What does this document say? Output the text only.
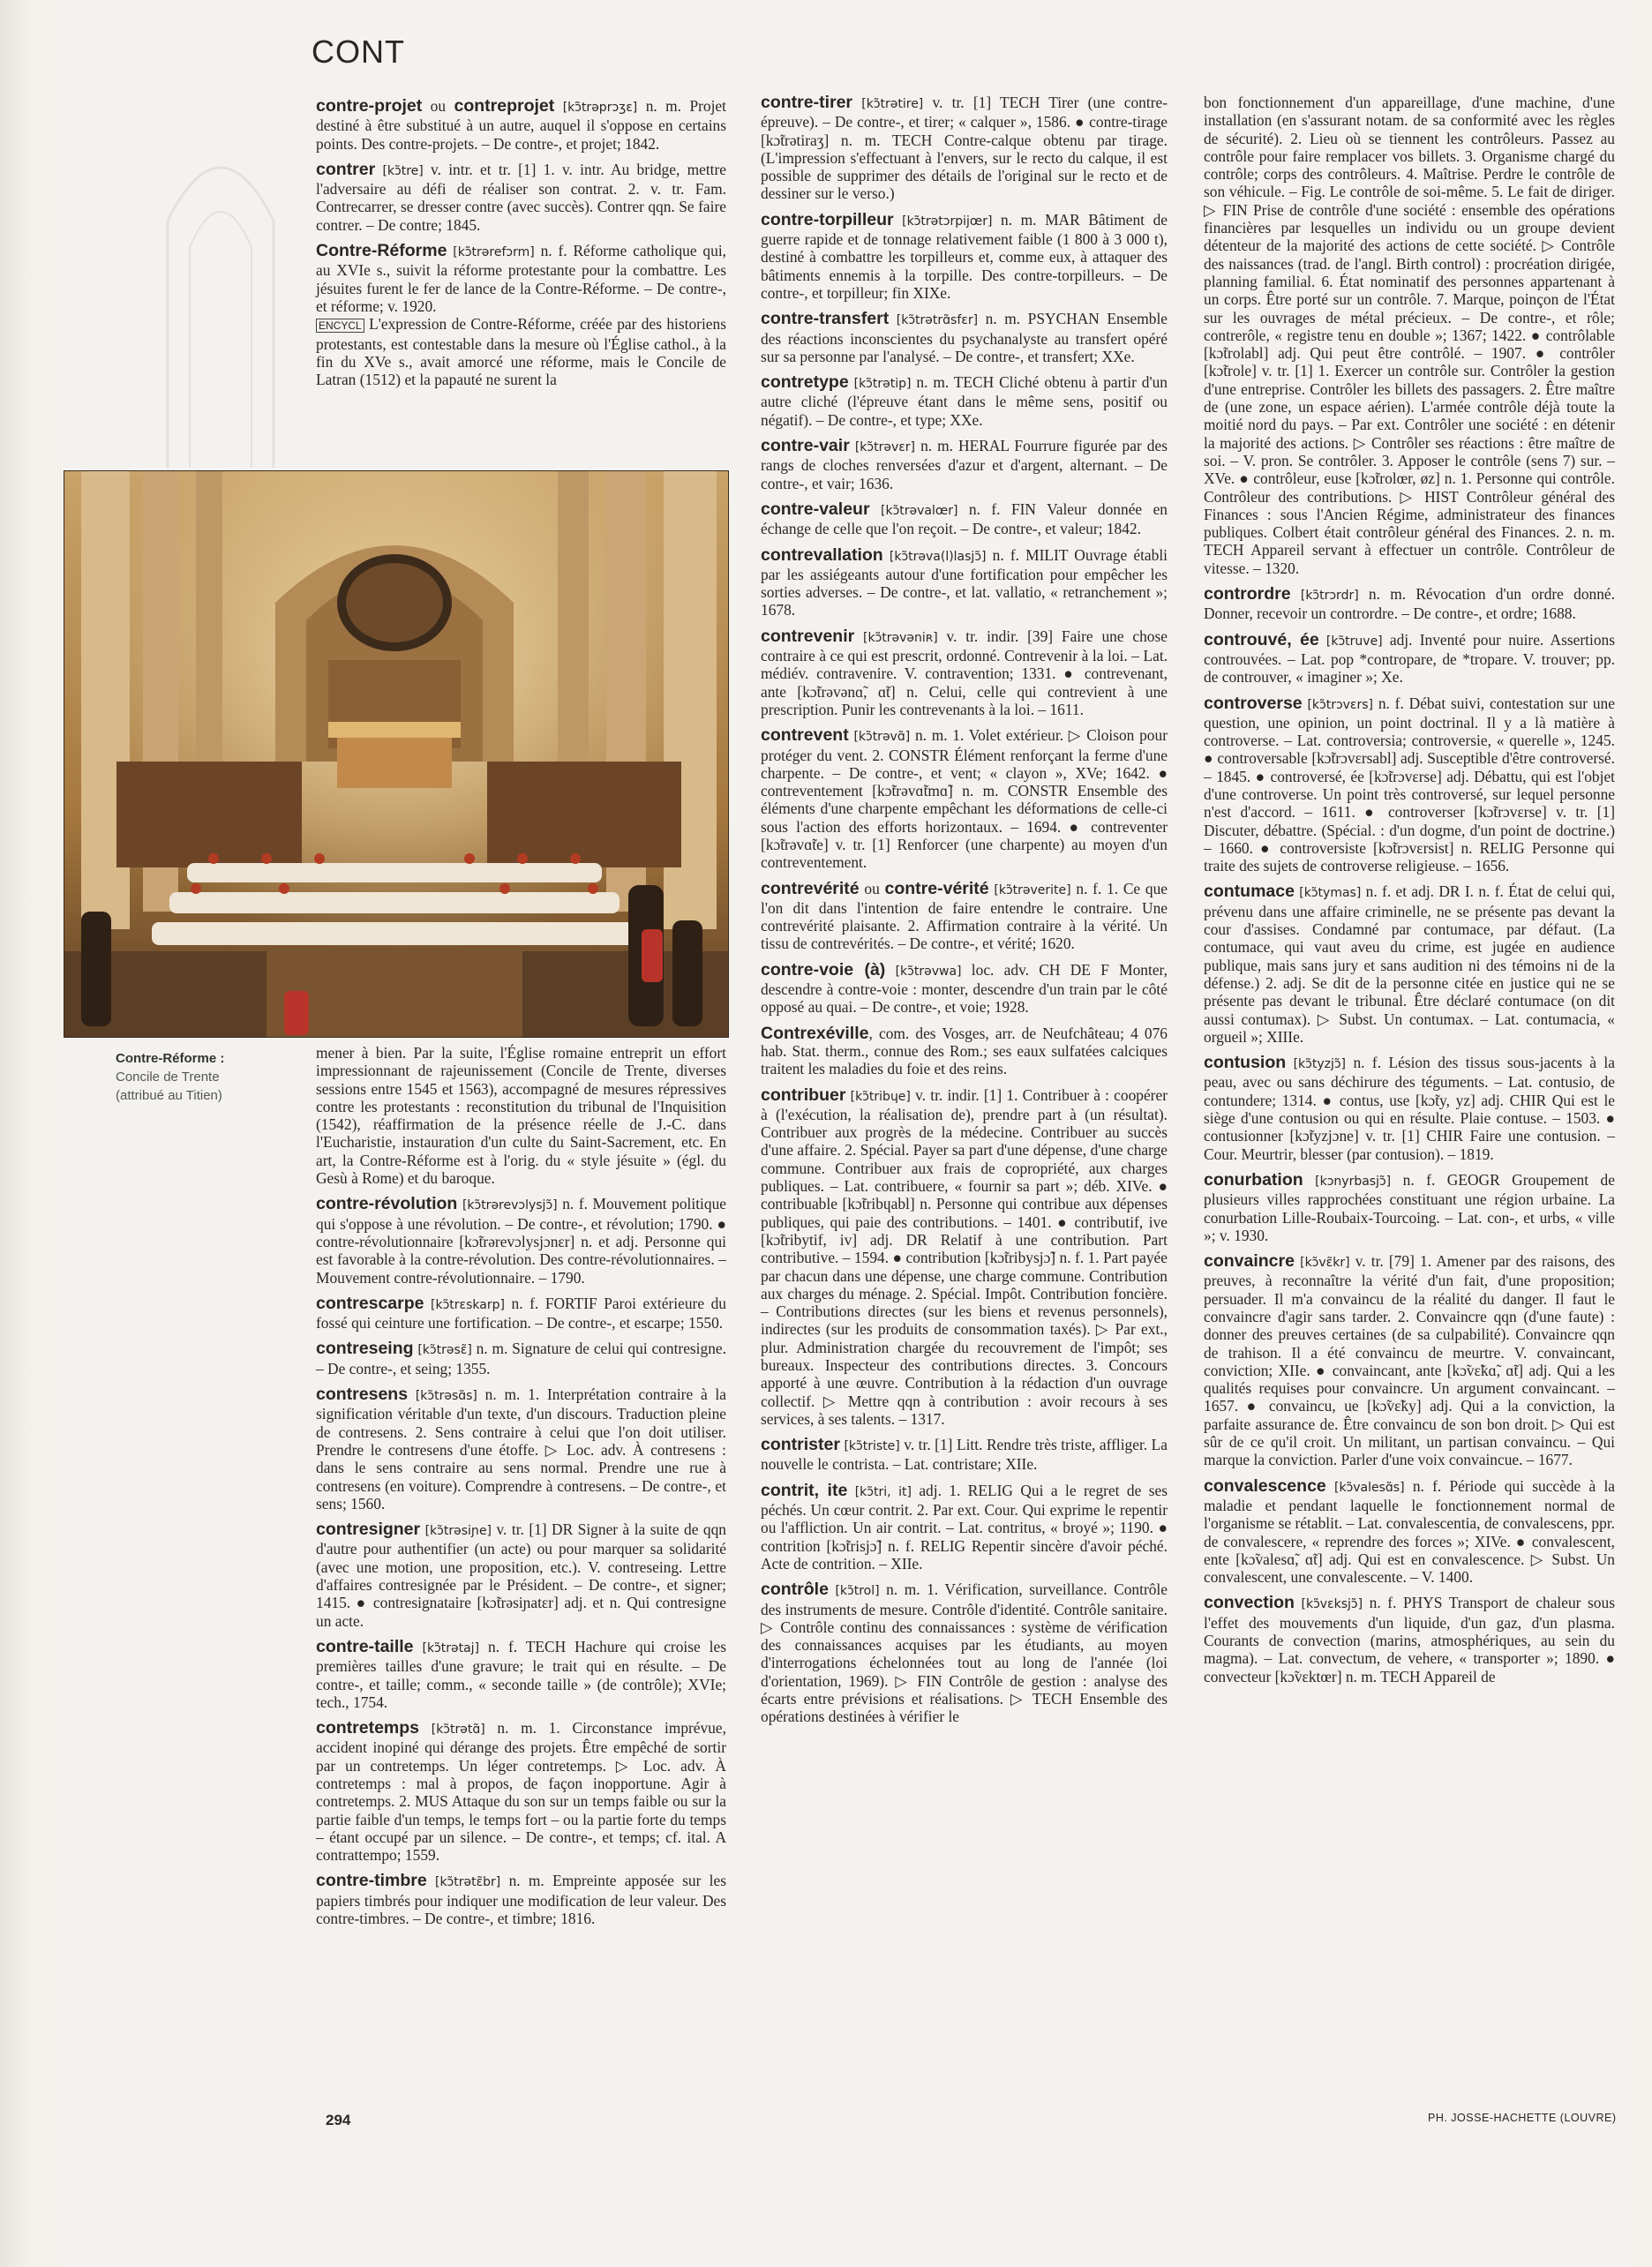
CONT

contre-projet ou contreprojet [kɔ̃trəprɔʒɛ] n. m. Projet destiné à être substitué à un autre, auquel il s'oppose en certains points. Des contre-projets. – De contre-, et projet; 1842.

contrer [kɔ̃tre] v. intr. et tr. [1] 1. v. intr. Au bridge, mettre l'adversaire au défi de réaliser son contrat. 2. v. tr. Fam. Contrecarrer, se dresser contre (avec succès). Contrer qqn. Se faire contrer. – De contre; 1845.

Contre-Réforme [kɔ̃trərefɔrm] n. f. Réforme catholique qui, au XVIe s., suivit la réforme protestante pour la combattre. Les jésuites furent le fer de lance de la Contre-Réforme. – De contre-, et réforme; v. 1920.
ENCYCL L'expression de Contre-Réforme, créée par des historiens protestants, est contestable dans la mesure où l'Église cathol., à la fin du XVe s., avait amorcé une réforme, mais le Concile de Latran (1512) et la papauté ne surent la

Contre-Réforme :
Concile de Trente
(attribué au Titien)

mener à bien. Par la suite, l'Église romaine entreprit un effort impressionnant de rajeunissement (Concile de Trente, diverses sessions entre 1545 et 1563), accompagné de mesures répressives contre les protestants : reconstitution du tribunal de l'Inquisition (1542), réaffirmation de la présence réelle de J.-C. dans l'Eucharistie, instauration d'un culte du Saint-Sacrement, etc. En art, la Contre-Réforme est à l'orig. du « style jésuite » (égl. du Gesù à Rome) et du baroque.

contre-révolution [kɔ̃trərevɔlysjɔ̃] n. f. Mouvement politique qui s'oppose à une révolution. – De contre-, et révolution; 1790. ● contre-révolutionnaire [kɔ̃trərevɔlysjɔnɛr] n. et adj. Personne qui est favorable à la contre-révolution. Des contre-révolutionnaires. – Mouvement contre-révolutionnaire. – 1790.

contrescarpe [kɔ̃trɛskarp] n. f. FORTIF Paroi extérieure du fossé qui ceinture une fortification. – De contre-, et escarpe; 1550.

contreseing [kɔ̃trəsɛ̃] n. m. Signature de celui qui contresigne. – De contre-, et seing; 1355.

contresens [kɔ̃trəsɑ̃s] n. m. 1. Interprétation contraire à la signification véritable d'un texte, d'un discours. Traduction pleine de contresens. 2. Sens contraire à celui que l'on doit utiliser. Prendre le contresens d'une étoffe. ▷ Loc. adv. À contresens : dans le sens contraire au sens normal. Prendre une rue à contresens (en voiture). Comprendre à contresens. – De contre-, et sens; 1560.

contresigner [kɔ̃trəsiɲe] v. tr. [1] DR Signer à la suite de qqn d'autre pour authentifier (un acte) ou pour marquer sa solidarité (avec une motion, une proposition, etc.). V. contreseing. Lettre d'affaires contresignée par le Président. – De contre-, et signer; 1415. ● contresignataire [kɔ̃trəsiɲatɛr] adj. et n. Qui contresigne un acte.

contre-taille [kɔ̃trətaj] n. f. TECH Hachure qui croise les premières tailles d'une gravure; le trait qui en résulte. – De contre-, et taille; comm., « seconde taille » (de contrôle); XVIe; tech., 1754.

contretemps [kɔ̃trətɑ̃] n. m. 1. Circonstance imprévue, accident inopiné qui dérange des projets. Être empêché de sortir par un contretemps. Un léger contretemps. ▷ Loc. adv. À contretemps : mal à propos, de façon inopportune. Agir à contretemps. 2. MUS Attaque du son sur un temps faible ou sur la partie faible d'un temps, le temps fort – ou la partie forte du temps – étant occupé par un silence. – De contre-, et temps; cf. ital. A contrattempo; 1559.

contre-timbre [kɔ̃trətɛ̃br] n. m. Empreinte apposée sur les papiers timbrés pour indiquer une modification de leur valeur. Des contre-timbres. – De contre-, et timbre; 1816.

contre-tirer [kɔ̃trətire] v. tr. [1] TECH Tirer (une contre-épreuve). – De contre-, et tirer; « calquer », 1586. ● contre-tirage [kɔ̃trətiraʒ] n. m. TECH Contre-calque obtenu par tirage. (L'impression s'effectuant à l'envers, sur le recto du calque, il est possible de supprimer des détails de l'original sur le recto et de dessiner sur le verso.)

contre-torpilleur [kɔ̃trətɔrpijœr] n. m. MAR Bâtiment de guerre rapide et de tonnage relativement faible (1 800 à 3 000 t), destiné à combattre les torpilleurs et, comme eux, à attaquer des bâtiments ennemis à la torpille. Des contre-torpilleurs. – De contre-, et torpilleur; fin XIXe.

contre-transfert [kɔ̃trətrɑ̃sfɛr] n. m. PSYCHAN Ensemble des réactions inconscientes du psychanalyste au transfert opéré sur sa personne par l'analysé. – De contre-, et transfert; XXe.

contretype [kɔ̃trətip] n. m. TECH Cliché obtenu à partir d'un autre cliché (l'épreuve étant dans le même sens, positif ou négatif). – De contre-, et type; XXe.

contre-vair [kɔ̃trəvɛr] n. m. HERAL Fourrure figurée par des rangs de cloches renversées d'azur et d'argent, alternant. – De contre-, et vair; 1636.

contre-valeur [kɔ̃trəvalœr] n. f. FIN Valeur donnée en échange de celle que l'on reçoit. – De contre-, et valeur; 1842.

contrevallation [kɔ̃trəva(l)lasjɔ̃] n. f. MILIT Ouvrage établi par les assiégeants autour d'une fortification pour empêcher les sorties adverses. – De contre-, et lat. vallatio, « retranchement »; 1678.

contrevenir [kɔ̃trəvəniʀ] v. tr. indir. [39] Faire une chose contraire à ce qui est prescrit, ordonné. Contrevenir à la loi. – Lat. médiév. contravenire. V. contravention; 1331. ● contrevenant, ante [kɔ̃trəvənɑ̃, ɑ̃t] n. Celui, celle qui contrevient à une prescription. Punir les contrevenants à la loi. – 1611.

contrevent [kɔ̃trəvɑ̃] n. m. 1. Volet extérieur. ▷ Cloison pour protéger du vent. 2. CONSTR Élément renforçant la ferme d'une charpente. – De contre-, et vent; « clayon », XVe; 1642. ● contreventement [kɔ̃trəvɑ̃tmɑ̃] n. m. CONSTR Ensemble des éléments d'une charpente empêchant les déformations de celle-ci sous l'action des efforts horizontaux. – 1694. ● contreventer [kɔ̃trəvɑ̃te] v. tr. [1] Renforcer (une charpente) au moyen d'un contreventement.

contrevérité ou contre-vérité [kɔ̃trəverite] n. f. 1. Ce que l'on dit dans l'intention de faire entendre le contraire. Une contrevérité plaisante. 2. Affirmation contraire à la vérité. Un tissu de contrevérités. – De contre-, et vérité; 1620.

contre-voie (à) [kɔ̃trəvwa] loc. adv. CH DE F Monter, descendre à contre-voie : monter, descendre d'un train par le côté opposé au quai. – De contre-, et voie; 1928.

Contrexéville, com. des Vosges, arr. de Neufchâteau; 4 076 hab. Stat. therm., connue des Rom.; ses eaux sulfatées calciques traitent les maladies du foie et des reins.

contribuer [kɔ̃tribɥe] v. tr. indir. [1] 1. Contribuer à : coopérer à (l'exécution, la réalisation de), prendre part à (un résultat). Contribuer aux progrès de la médecine. Contribuer au succès d'une affaire. 2. Spécial. Payer sa part d'une dépense, d'une charge commune. Contribuer aux frais de copropriété, aux charges publiques. – Lat. contribuere, « fournir sa part »; déb. XIVe. ● contribuable [kɔ̃tribɥabl] n. Personne qui contribue aux dépenses publiques, qui paie des contributions. – 1401. ● contributif, ive [kɔ̃tribytif, iv] adj. DR Relatif à une contribution. Part contributive. – 1594. ● contribution [kɔ̃tribysjɔ̃] n. f. 1. Part payée par chacun dans une dépense, une charge commune. Contribution aux charges du ménage. 2. Spécial. Impôt. Contribution foncière. – Contributions directes (sur les biens et revenus personnels), indirectes (sur les produits de consommation taxés). ▷ Par ext., plur. Administration chargée du recouvrement de l'impôt; ses bureaux. Inspecteur des contributions directes. 3. Concours apporté à une œuvre. Contribution à la rédaction d'un ouvrage collectif. ▷ Mettre qqn à contribution : avoir recours à ses services, à ses talents. – 1317.

contrister [kɔ̃triste] v. tr. [1] Litt. Rendre très triste, affliger. La nouvelle le contrista. – Lat. contristare; XIIe.

contrit, ite [kɔ̃tri, it] adj. 1. RELIG Qui a le regret de ses péchés. Un cœur contrit. 2. Par ext. Cour. Qui exprime le repentir ou l'affliction. Un air contrit. – Lat. contritus, « broyé »; 1190. ● contrition [kɔ̃trisjɔ̃] n. f. RELIG Repentir sincère d'avoir péché. Acte de contrition. – XIIe.

contrôle [kɔ̃trol] n. m. 1. Vérification, surveillance. Contrôle des instruments de mesure. Contrôle d'identité. Contrôle sanitaire. ▷ Contrôle continu des connaissances : système de vérification des connaissances acquises par les étudiants, au moyen d'interrogations échelonnées tout au long de l'année (loi d'orientation, 1969). ▷ FIN Contrôle de gestion : analyse des écarts entre prévisions et réalisations. ▷ TECH Ensemble des opérations destinées à vérifier le

bon fonctionnement d'un appareillage, d'une machine, d'une installation (en s'assurant notam. de sa conformité avec les règles de sécurité). 2. Lieu où se tiennent les contrôleurs. Passez au contrôle pour faire remplacer vos billets. 3. Organisme chargé du contrôle; corps des contrôleurs. 4. Maîtrise. Perdre le contrôle de son véhicule. – Fig. Le contrôle de soi-même. 5. Le fait de diriger. ▷ FIN Prise de contrôle d'une société : ensemble des opérations financières par lesquelles un individu ou un groupe devient détenteur de la majorité des actions de cette société. ▷ Contrôle des naissances (trad. de l'angl. Birth control) : procréation dirigée, planning familial. 6. État nominatif des personnes appartenant à un corps. Être porté sur un contrôle. 7. Marque, poinçon de l'État sur les ouvrages de métal précieux. – De contre-, et rôle; contrerôle, « registre tenu en double »; 1367; 1422. ● contrôlable [kɔ̃trolabl] adj. Qui peut être contrôlé. – 1907. ● contrôler [kɔ̃trole] v. tr. [1] 1. Exercer un contrôle sur. Contrôler la gestion d'une entreprise. Contrôler les billets des passagers. 2. Être maître de (une zone, un espace aérien). L'armée contrôle déjà toute la moitié nord du pays. – Par ext. Contrôler une société : en détenir la majorité des actions. ▷ Contrôler ses réactions : être maître de soi. – V. pron. Se contrôler. 3. Apposer le contrôle (sens 7) sur. – XVe. ● contrôleur, euse [kɔ̃trolœr, øz] n. 1. Personne qui contrôle. Contrôleur des contributions. ▷ HIST Contrôleur général des Finances : sous l'Ancien Régime, administrateur des finances publiques. Colbert était contrôleur général des Finances. 2. n. m. TECH Appareil servant à effectuer un contrôle. Contrôleur de vitesse. – 1320.

contrordre [kɔ̃trɔrdr] n. m. Révocation d'un ordre donné. Donner, recevoir un contrordre. – De contre-, et ordre; 1688.

controuvé, ée [kɔ̃truve] adj. Inventé pour nuire. Assertions controuvées. – Lat. pop *contropare, de *tropare. V. trouver; pp. de controuver, « imaginer »; Xe.

controverse [kɔ̃trɔvɛrs] n. f. Débat suivi, contestation sur une question, une opinion, un point doctrinal. Il y a là matière à controverse. – Lat. controversia; controversie, « querelle », 1245. ● controversable [kɔ̃trɔvɛrsabl] adj. Susceptible d'être controversé. – 1845. ● controversé, ée [kɔ̃trɔvɛrse] adj. Débattu, qui est l'objet d'une controverse. Un point très controversé, sur lequel personne n'est d'accord. – 1611. ● controverser [kɔ̃trɔvɛrse] v. tr. [1] Discuter, débattre. (Spécial. : d'un dogme, d'un point de doctrine.) – 1660. ● controversiste [kɔ̃trɔvɛrsist] n. RELIG Personne qui traite des sujets de controverse religieuse. – 1656.

contumace [kɔ̃tymas] n. f. et adj. DR I. n. f. État de celui qui, prévenu dans une affaire criminelle, ne se présente pas devant la cour d'assises. Condamné par contumace, par défaut. (La contumace, qui vaut aveu du crime, est jugée en audience publique, mais sans jury et sans audition ni des témoins ni de la défense.) 2. adj. Se dit de la personne citée en justice qui ne se présente pas devant le tribunal. Être déclaré contumace (on dit aussi contumax). ▷ Subst. Un contumax. – Lat. contumacia, « orgueil »; XIIIe.

contusion [kɔ̃tyzjɔ̃] n. f. Lésion des tissus sous-jacents à la peau, avec ou sans déchirure des téguments. – Lat. contusio, de contundere; 1314. ● contus, use [kɔ̃ty, yz] adj. CHIR Qui est le siège d'une contusion ou qui en résulte. Plaie contuse. – 1503. ● contusionner [kɔ̃tyzjɔne] v. tr. [1] CHIR Faire une contusion. – Cour. Meurtrir, blesser (par contusion). – 1819.

conurbation [kɔnyrbasjɔ̃] n. f. GEOGR Groupement de plusieurs villes rapprochées constituant une région urbaine. La conurbation Lille-Roubaix-Tourcoing. – Lat. con-, et urbs, « ville »; v. 1930.

convaincre [kɔ̃vɛ̃kr] v. tr. [79] 1. Amener par des raisons, des preuves, à reconnaître la vérité d'un fait, d'une proposition; persuader. Il m'a convaincu de la réalité du danger. Il faut le convaincre d'agir sans tarder. 2. Convaincre qqn (d'une faute) : donner des preuves certaines (de sa culpabilité). Convaincre qqn de trahison. Il a été convaincu de meurtre. V. convaincant, conviction; XIIe. ● convaincant, ante [kɔ̃vɛ̃kɑ̃, ɑ̃t] adj. Qui a les qualités requises pour convaincre. Un argument convaincant. – 1657. ● convaincu, ue [kɔ̃vɛ̃ky] adj. Qui a la conviction, la parfaite assurance de. Être convaincu de son bon droit. ▷ Qui est sûr de ce qu'il croit. Un militant, un partisan convaincu. – Qui marque la conviction. Parler d'une voix convaincue. – 1677.

convalescence [kɔ̃valesɑ̃s] n. f. Période qui succède à la maladie et pendant laquelle le fonctionnement normal de l'organisme se rétablit. – Lat. convalescentia, de convalescens, ppr. de convalescere, « reprendre des forces »; XIVe. ● convalescent, ente [kɔ̃valesɑ̃, ɑ̃t] adj. Qui est en convalescence. ▷ Subst. Un convalescent, une convalescente. – V. 1400.

convection [kɔ̃vɛksjɔ̃] n. f. PHYS Transport de chaleur sous l'effet des mouvements d'un liquide, d'un gaz, d'un plasma. Courants de convection (marins, atmosphériques, au sein du magma). – Lat. convectum, de vehere, « transporter »; 1890. ● convecteur [kɔ̃vɛktœr] n. m. TECH Appareil de

294	PH. JOSSE-HACHETTE (LOUVRE)
